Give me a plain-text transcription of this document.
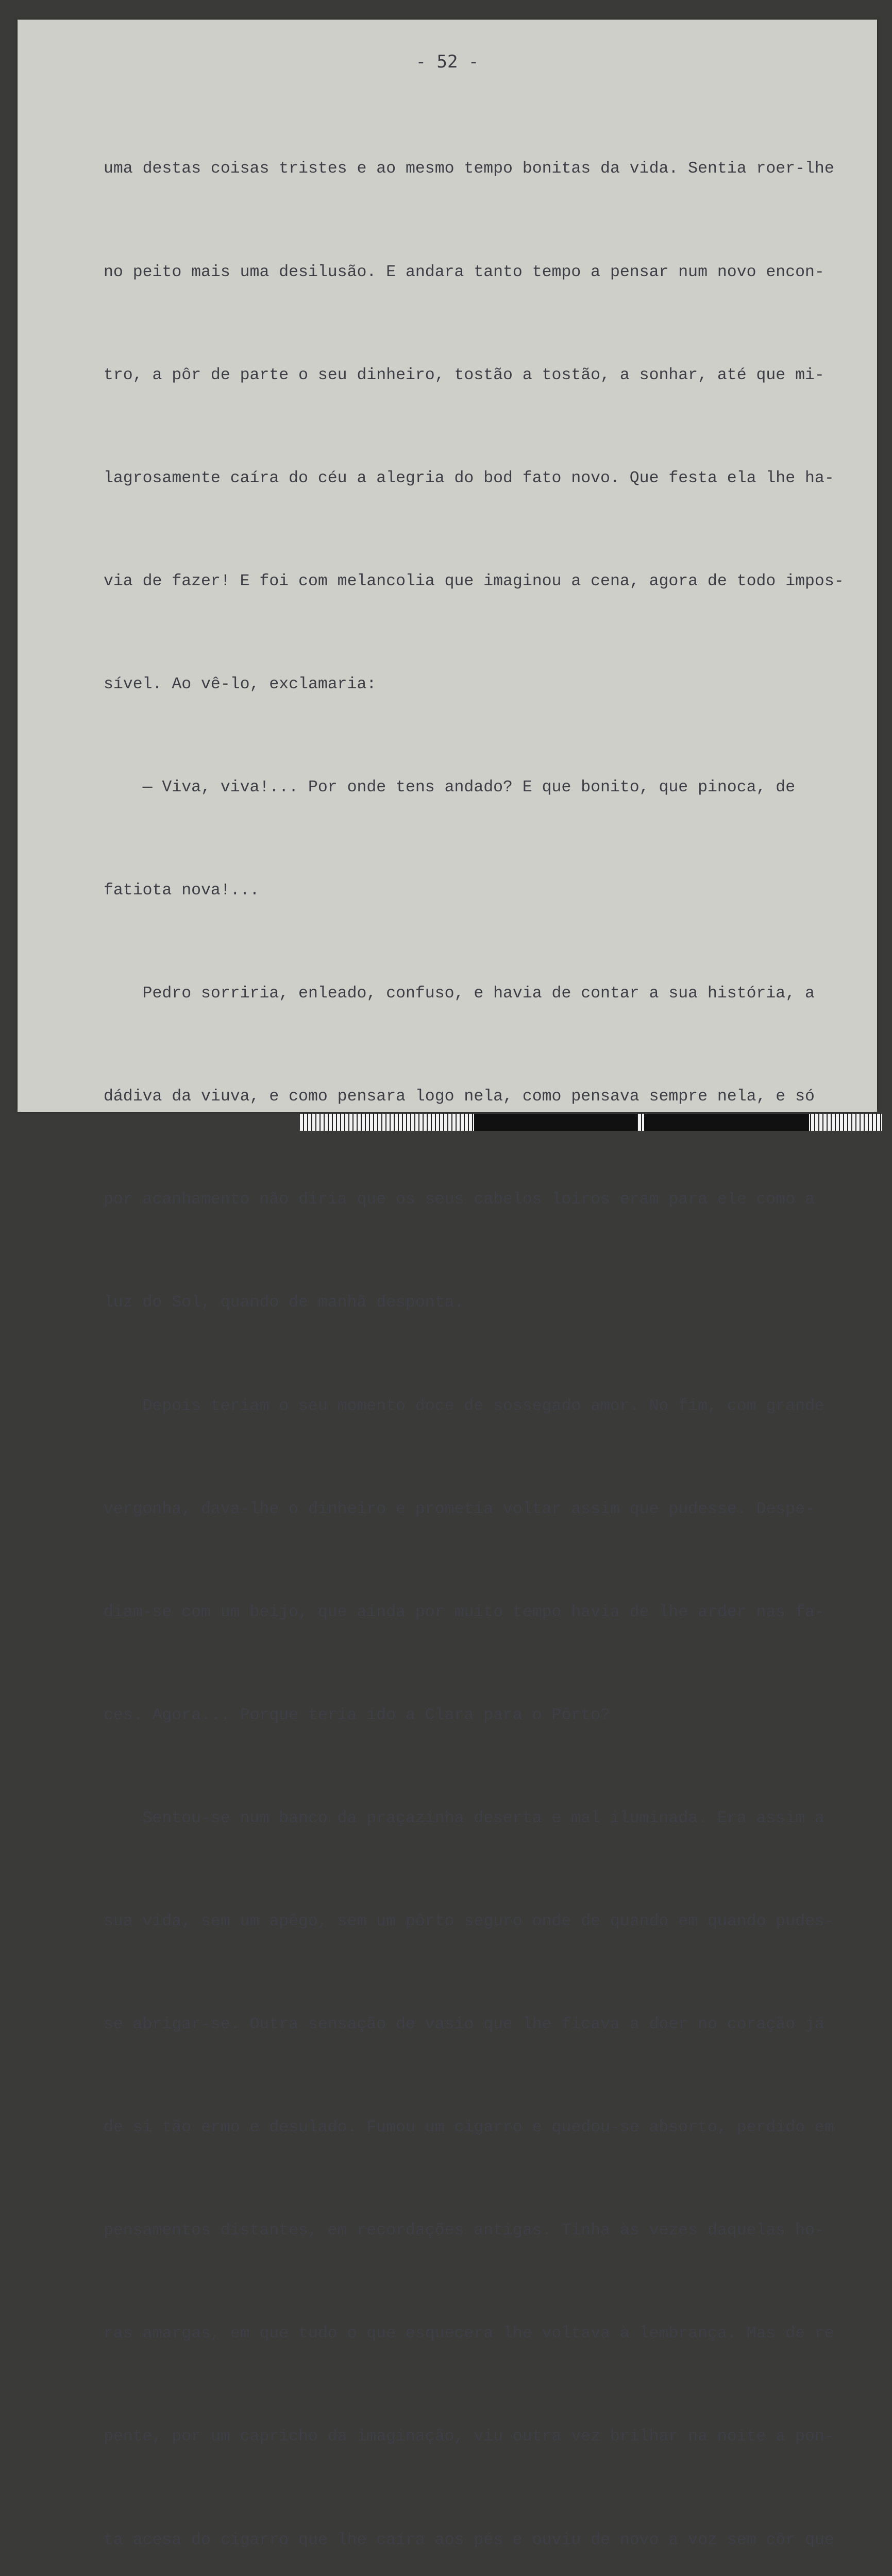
- 52 -

uma destas coisas tristes e ao mesmo tempo bonitas da vida. Sentia roer-lhe

no peito mais uma desilusão. E andara tanto tempo a pensar num novo encon-

tro, a pôr de parte o seu dinheiro, tostão a tostão, a sonhar, até que mi-

lagrosamente caíra do céu a alegria do bod fato novo. Que festa ela lhe ha-

via de fazer! E foi com melancolia que imaginou a cena, agora de todo impos-

sível. Ao vê-lo, exclamaria:

— Viva, viva!... Por onde tens andado? E que bonito, que pinoca, de

fatiota nova!...

Pedro sorriria, enleado, confuso, e havia de contar a sua história, a

dádiva da viuva, e como pensara logo nela, como pensava sempre nela, e só

por acanhamento não diria que os seus cabelos loiros eram para ele como a

luz do Sol, quando de manhã desponta.

Depois teriam o seu momento doce de sossegado amor. No fim, com grande

vergonha, dava-lhe o dinheiro e prometia voltar assim que pudesse. Despe-

diam-se com um beijo, que ainda por muito tempo havia de lhe arder nas fa-

ces. Agora... Porque teria ido a Clara para o Pôrto?

Sentou-se num banco da praçazinha deserta e mal iluminada. Era assim a

sua vida, sem um apêgo, sem um pôrto seguro onde de quando em quando pudes-

se abrigar-se. Outra sensação de vasio que lhe ficava a doer no coração já

de si tão ermo e desulado. Fumou um cigarro e quedou-se absorto, perdido em

pensamentos distantes, em recordações antigas. Tinha às vezes daquelas ho-

ras amargas, em que tudo o que esquecera lhe voltava à lembrança. Mas de re

pente, por um capricho da imaginação, viu outra vez brilhar na noite a pon-

ta acesa do cigarro que lhe caíra aos pés e ouviu de novo a voz sem côr que
